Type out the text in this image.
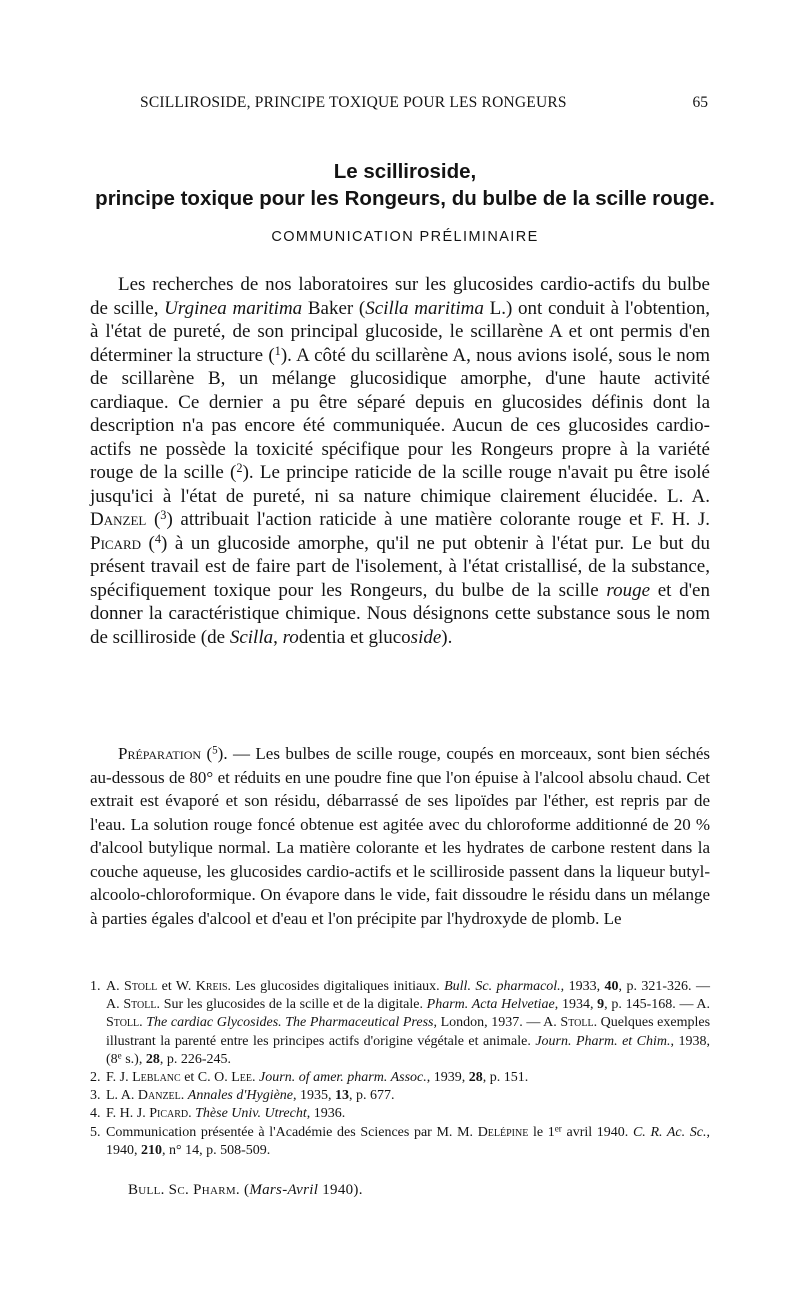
SCILLIROSIDE, PRINCIPE TOXIQUE POUR LES RONGEURS	65
Le scilliroside,
principe toxique pour les Rongeurs, du bulbe de la scille rouge.
COMMUNICATION PRÉLIMINAIRE

Les recherches de nos laboratoires sur les glucosides cardio-actifs du bulbe de scille, Urginea maritima Baker (Scilla maritima L.) ont conduit à l'obtention, à l'état de pureté, de son principal glucoside, le scillarène A et ont permis d'en déterminer la structure ($^1$). A côté du scillarène A, nous avions isolé, sous le nom de scillarène B, un mélange glucosidique amorphe, d'une haute activité cardiaque. Ce dernier a pu être séparé depuis en glucosides définis dont la description n'a pas encore été communiquée. Aucun de ces glucosides cardio-actifs ne possède la toxicité spécifique pour les Rongeurs propre à la variété rouge de la scille ($^2$). Le principe raticide de la scille rouge n'avait pu être isolé jusqu'ici à l'état de pureté, ni sa nature chimique clairement élucidée. L. A. Danzel ($^3$) attribuait l'action raticide à une matière colorante rouge et F. H. J. Picard ($^4$) à un glucoside amorphe, qu'il ne put obtenir à l'état pur. Le but du présent travail est de faire part de l'isolement, à l'état cristallisé, de la substance, spécifiquement toxique pour les Rongeurs, du bulbe de la scille rouge et d'en donner la caractéristique chimique. Nous désignons cette substance sous le nom de scilliroside (de Scilla, rodentia et glucoside).

Préparation ($^5$). — Les bulbes de scille rouge, coupés en morceaux, sont bien séchés au-dessous de 80° et réduits en une poudre fine que l'on épuise à l'alcool absolu chaud. Cet extrait est évaporé et son résidu, débarrassé de ses lipoïdes par l'éther, est repris par de l'eau. La solution rouge foncé obtenue est agitée avec du chloroforme additionné de 20 % d'alcool butylique normal. La matière colorante et les hydrates de carbone restent dans la couche aqueuse, les glucosides cardio-actifs et le scilliroside passent dans la liqueur butyl-alcoolo-chloroformique. On évapore dans le vide, fait dissoudre le résidu dans un mélange à parties égales d'alcool et d'eau et l'on précipite par l'hydroxyde de plomb. Le

1. A. Stoll et W. Kreis. Les glucosides digitaliques initiaux. Bull. Sc. pharmacol., 1933, 40, p. 321-326. — A. Stoll. Sur les glucosides de la scille et de la digitale. Pharm. Acta Helvetiae, 1934, 9, p. 145-168. — A. Stoll. The cardiac Glycosides. The Pharmaceutical Press, London, 1937. — A. Stoll. Quelques exemples illustrant la parenté entre les principes actifs d'origine végétale et animale. Journ. Pharm. et Chim., 1938, (8e s.), 28, p. 226-245.

2. F. J. Leblanc et C. O. Lee. Journ. of amer. pharm. Assoc., 1939, 28, p. 151.

3. L. A. Danzel. Annales d'Hygiène, 1935, 13, p. 677.

4. F. H. J. Picard. Thèse Univ. Utrecht, 1936.

5. Communication présentée à l'Académie des Sciences par M. M. Delépine le 1er avril 1940. C. R. Ac. Sc., 1940, 210, n° 14, p. 508-509.

Bull. Sc. Pharm. (Mars-Avril 1940).
